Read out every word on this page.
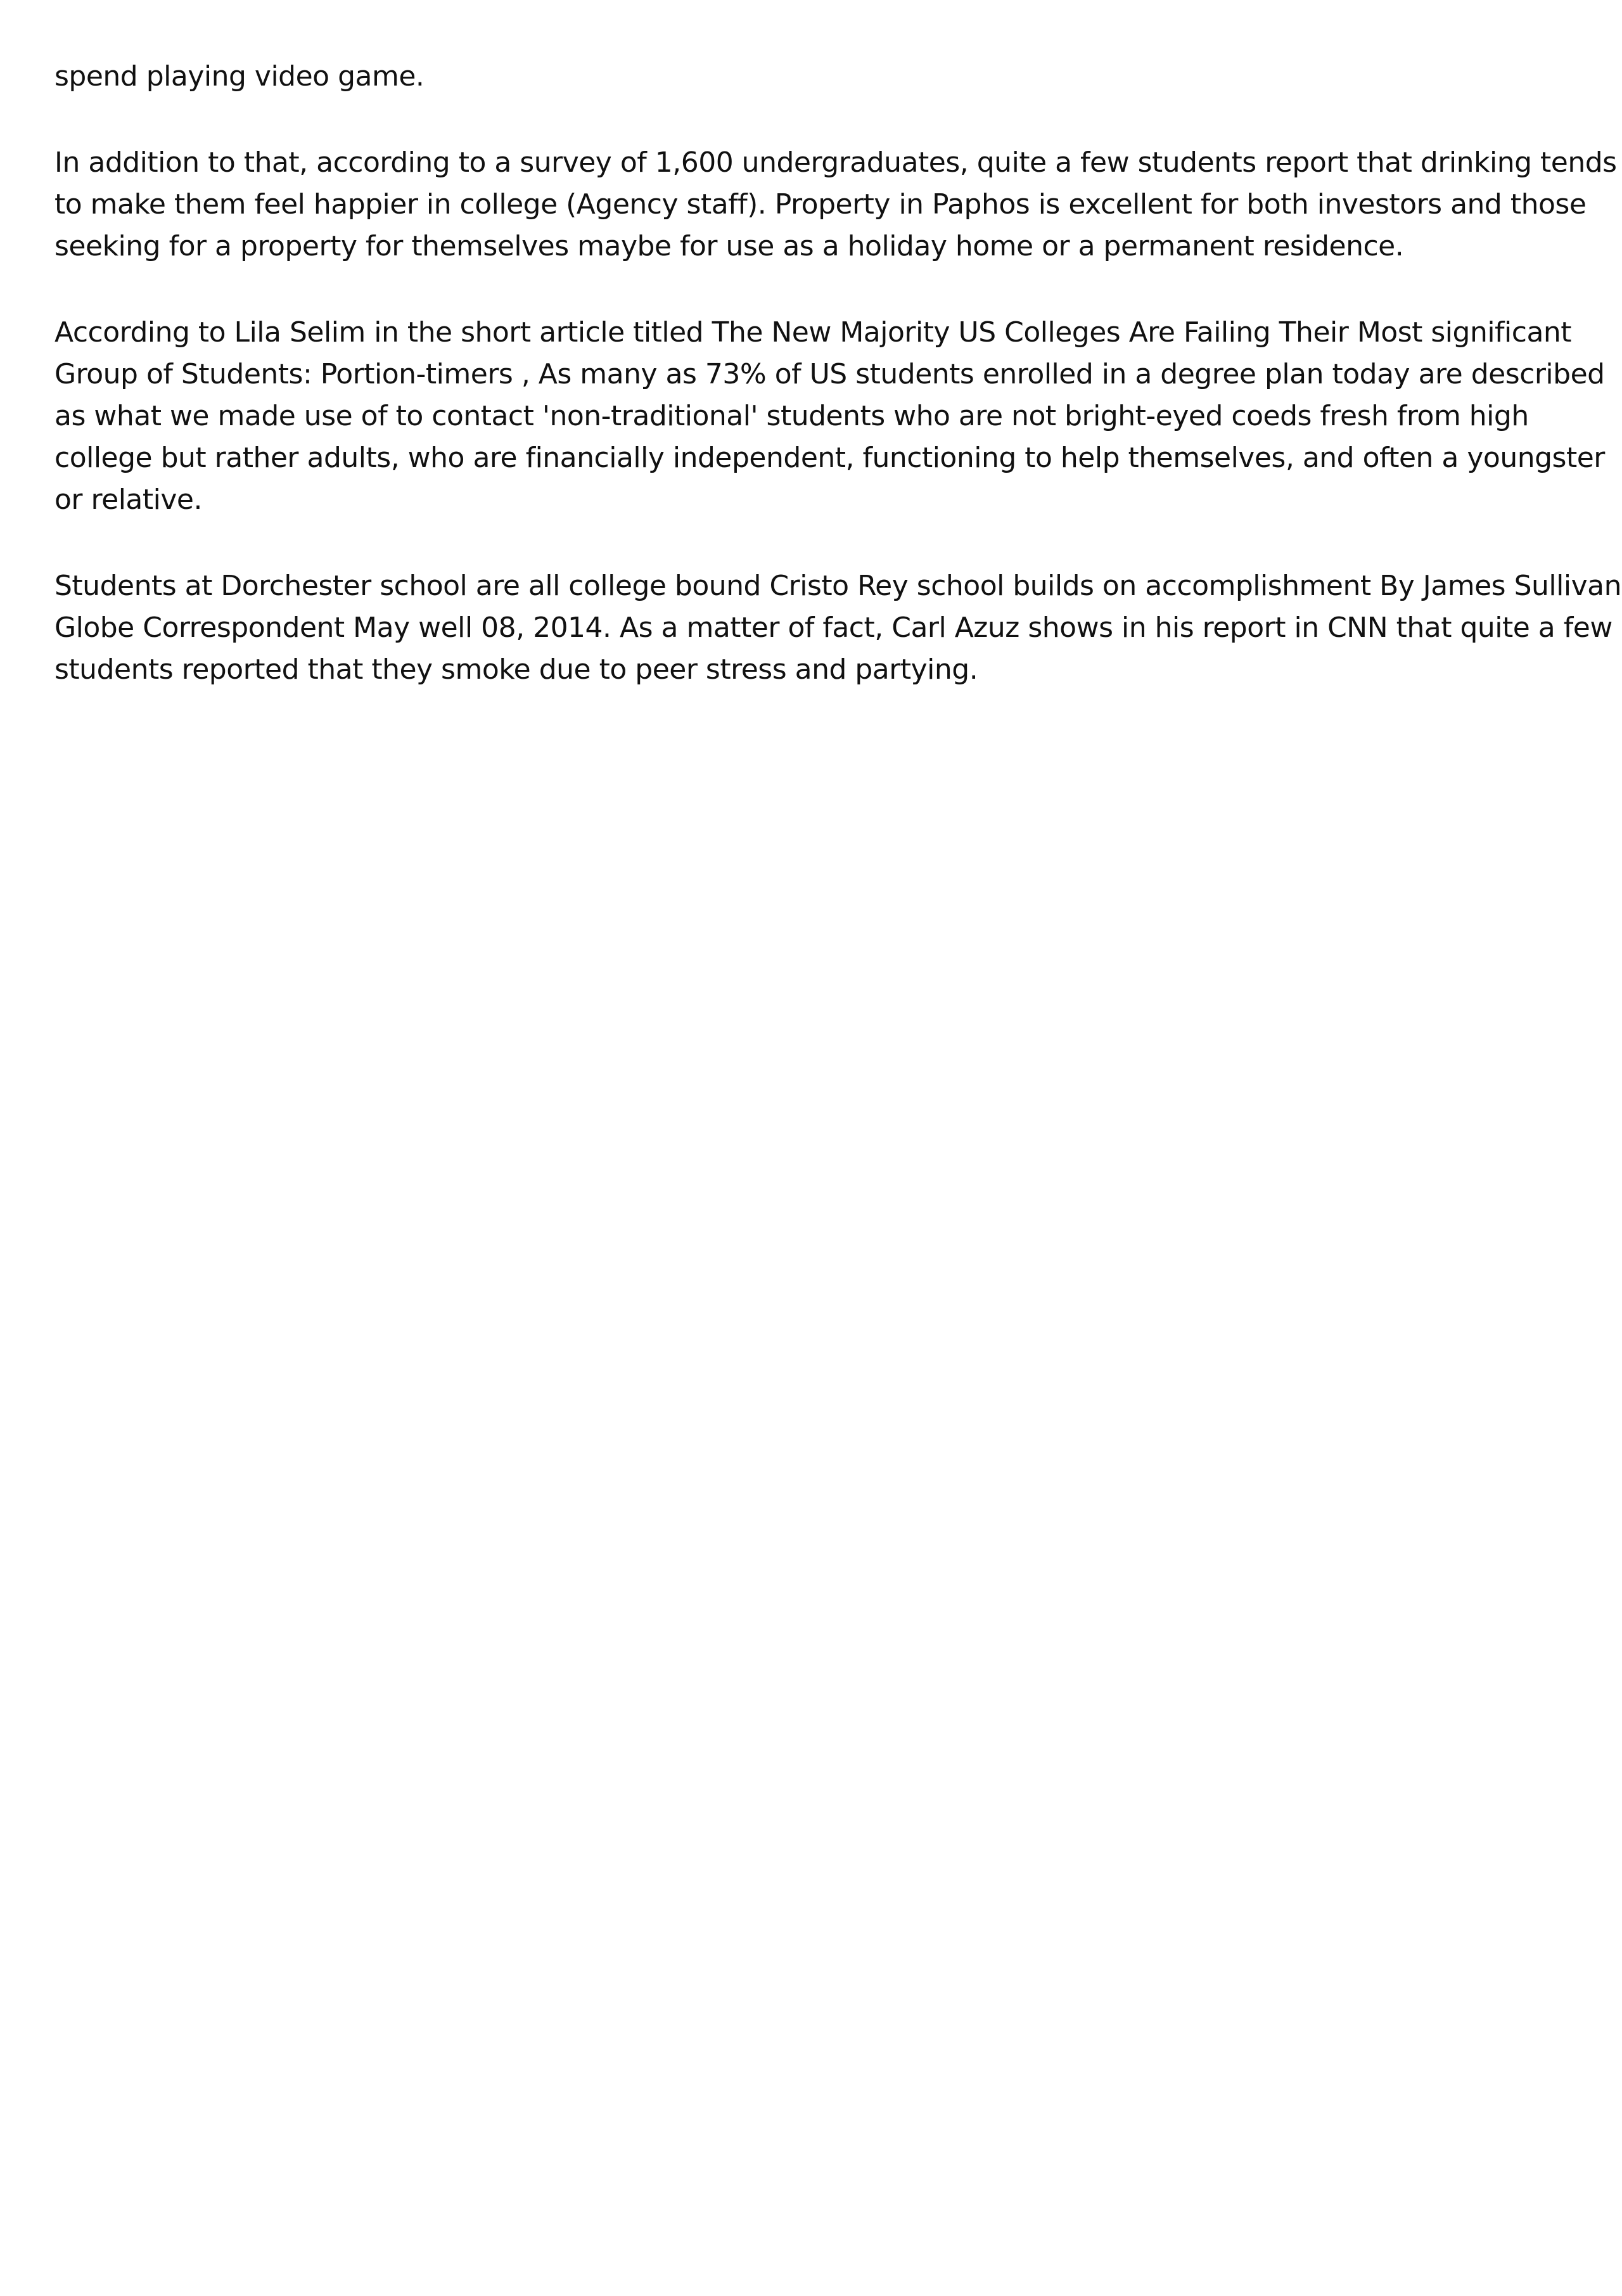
spend playing video game.

In addition to that, according to a survey of 1,600 undergraduates, quite a few students report that drinking tends
to make them feel happier in college (Agency staff). Property in Paphos is excellent for both investors and those
seeking for a property for themselves maybe for use as a holiday home or a permanent residence.

According to Lila Selim in the short article titled The New Majority US Colleges Are Failing Their Most significant
Group of Students: Portion-timers , As many as 73% of US students enrolled in a degree plan today are described
as what we made use of to contact 'non-traditional' students who are not bright-eyed coeds fresh from high
college but rather adults, who are financially independent, functioning to help themselves, and often a youngster
or relative.

Students at Dorchester school are all college bound Cristo Rey school builds on accomplishment By James Sullivan
Globe Correspondent May well 08, 2014. As a matter of fact, Carl Azuz shows in his report in CNN that quite a few
students reported that they smoke due to peer stress and partying.
